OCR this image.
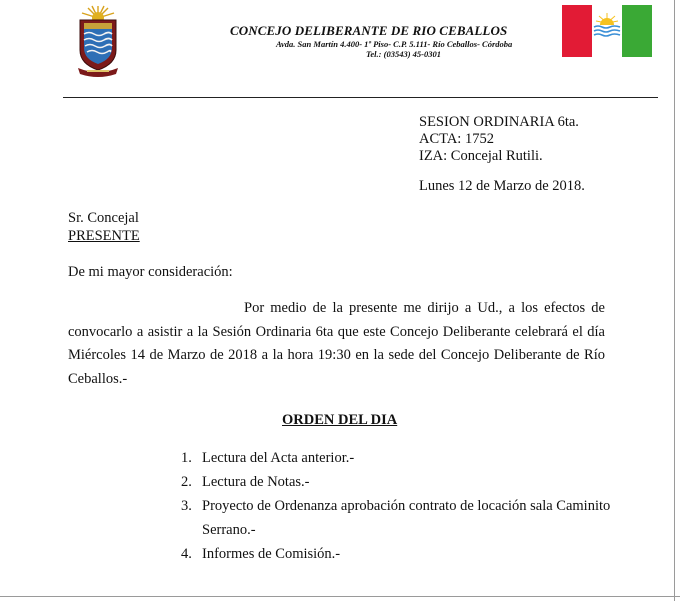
CONCEJO DELIBERANTE DE RIO CEBALLOS
Avda. San Martín 4.400- 1º Piso- C.P. 5.111- Río Ceballos- Córdoba
Tel.: (03543) 45-0301
SESION ORDINARIA 6ta.
ACTA: 1752
IZA: Concejal Rutili.
Lunes 12 de Marzo de 2018.
Sr. Concejal
PRESENTE
De mi mayor consideración:
Por medio de la presente me dirijo a Ud., a los efectos de convocarlo a asistir a la Sesión Ordinaria 6ta que este Concejo Deliberante celebrará el día Miércoles 14 de Marzo de 2018 a la hora 19:30 en la sede del Concejo Deliberante de Río Ceballos.-
ORDEN DEL DIA
1. Lectura del Acta anterior.-
2. Lectura de Notas.-
3. Proyecto de Ordenanza aprobación contrato de locación sala Caminito
Serrano.-
4. Informes de Comisión.-
